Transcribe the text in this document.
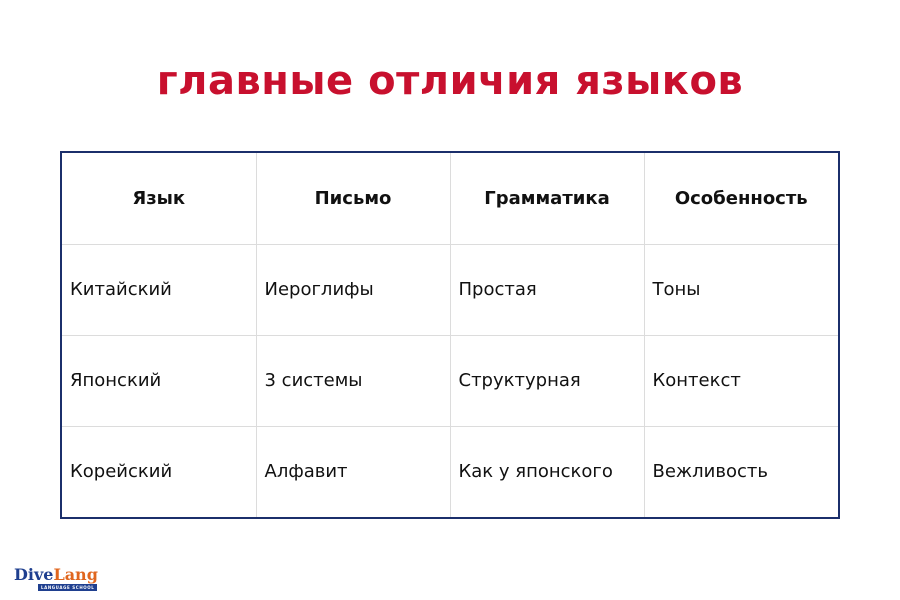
главные отличия языков
Язык	Письмо	Грамматика	Особенность
Китайский	Иероглифы	Простая	Тоны
Японский	3 системы	Структурная	Контекст
Корейский	Алфавит	Как у японского	Вежливость
DiveLang
LANGUAGE SCHOOL
